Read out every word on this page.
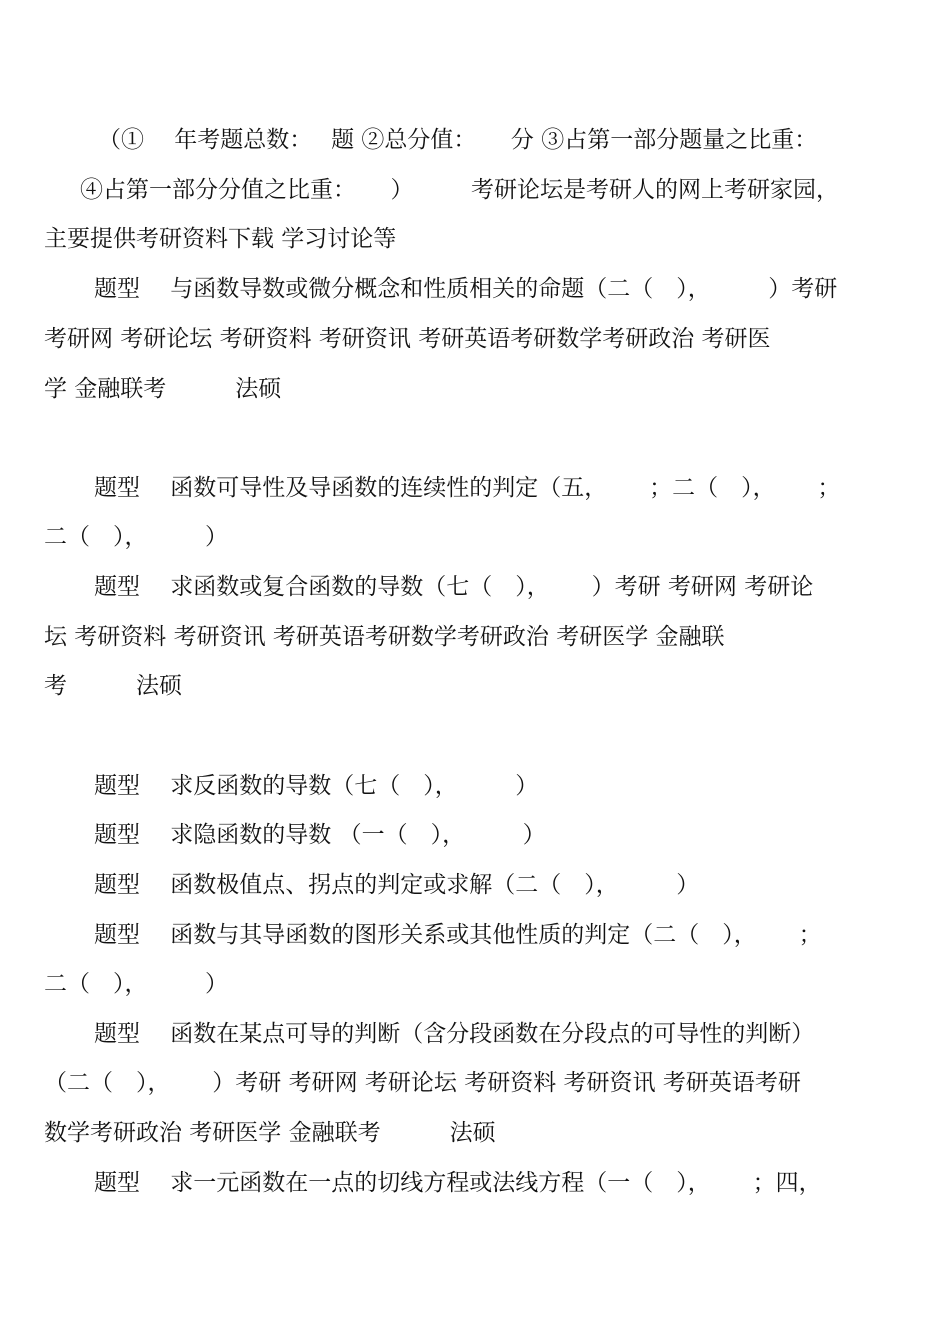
（①　 年考题总数：　 题 ②总分值：　　分 ③占第一部分题量之比重：

④占第一部分分值之比重：　　）　　　考研论坛是考研人的网上考研家园，

主要提供考研资料下载 学习讨论等

题型　 与函数导数或微分概念和性质相关的命题（二（　），　　　）考研

考研网 考研论坛 考研资料 考研资讯 考研英语考研数学考研政治 考研医

学 金融联考　　　法硕

题型　 函数可导性及导函数的连续性的判定（五，　　 ；二（　），　　 ；

二（　），　　　）

题型　 求函数或复合函数的导数（七（　），　　 ）考研 考研网 考研论

坛 考研资料 考研资讯 考研英语考研数学考研政治 考研医学 金融联

考　　　法硕

题型　 求反函数的导数（七（　），　　　）

题型　 求隐函数的导数 （一（　），　　　）

题型　 函数极值点、拐点的判定或求解（二（　），　　　）

题型　 函数与其导函数的图形关系或其他性质的判定（二（　），　　 ；

二（　），　　　）

题型　 函数在某点可导的判断（含分段函数在分段点的可导性的判断）

（二（　），　　 ）考研 考研网 考研论坛 考研资料 考研资讯 考研英语考研

数学考研政治 考研医学 金融联考　　　法硕

题型　 求一元函数在一点的切线方程或法线方程（一（　），　　 ；四，
